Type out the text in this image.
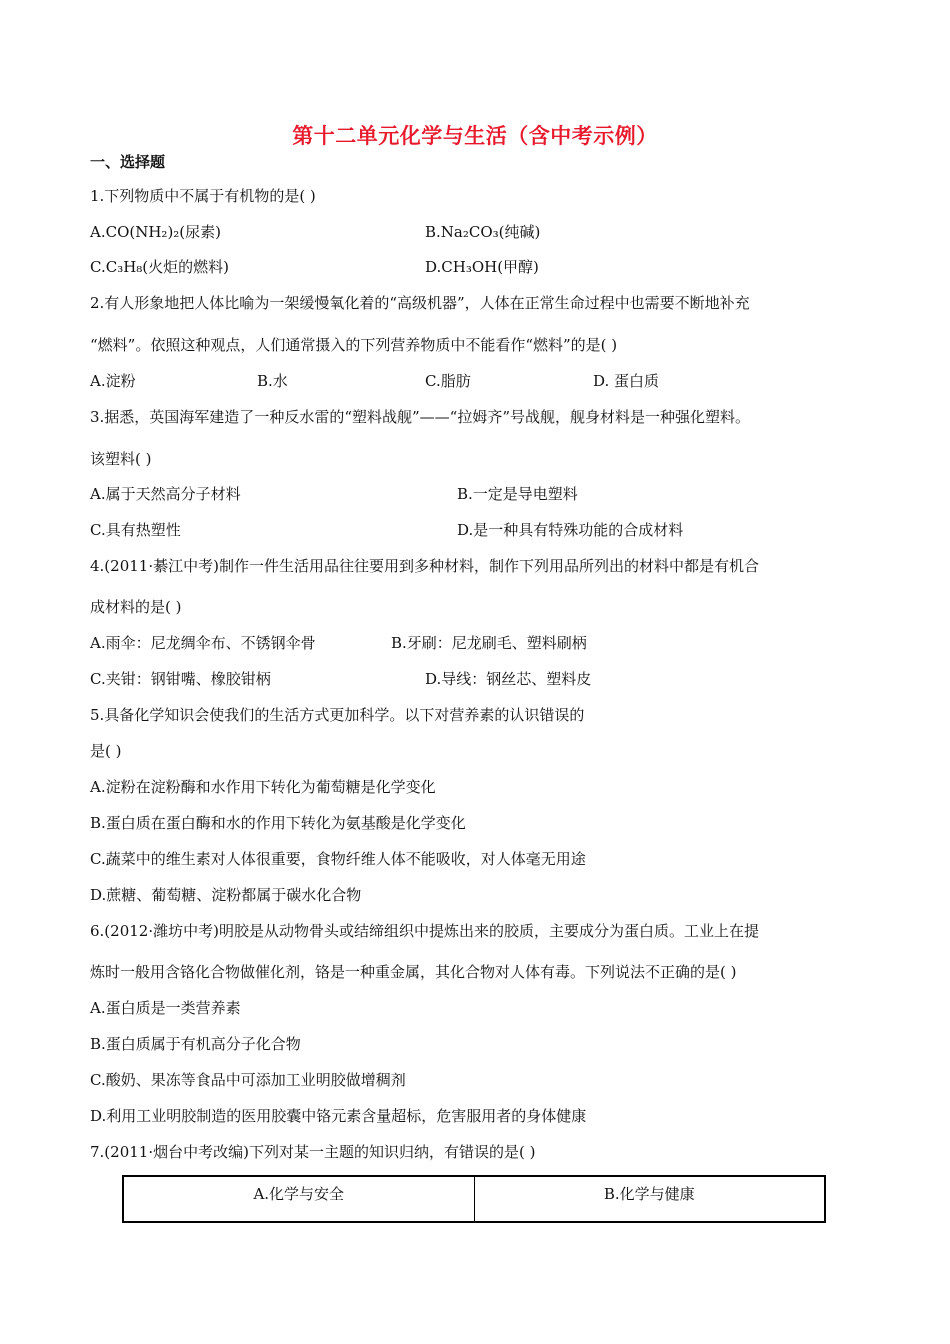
第十二单元化学与生活（含中考示例）
一、选择题
1.下列物质中不属于有机物的是( )
A.CO(NH₂)₂(尿素)	B.Na₂CO₃(纯碱)
C.C₃H₈(火炬的燃料)	D.CH₃OH(甲醇)
2.有人形象地把人体比喻为一架缓慢氧化着的“高级机器”，人体在正常生命过程中也需要不断地补充
“燃料”。依照这种观点，人们通常摄入的下列营养物质中不能看作“燃料”的是( )
A.淀粉	B.水	C.脂肪	D. 蛋白质
3.据悉，英国海军建造了一种反水雷的“塑料战舰”——“拉姆齐”号战舰，舰身材料是一种强化塑料。
该塑料( )
A.属于天然高分子材料	B.一定是导电塑料
C.具有热塑性	D.是一种具有特殊功能的合成材料
4.(2011·綦江中考)制作一件生活用品往往要用到多种材料，制作下列用品所列出的材料中都是有机合
成材料的是( )
A.雨伞：尼龙绸伞布、不锈钢伞骨	B.牙刷：尼龙刷毛、塑料刷柄
C.夹钳：钢钳嘴、橡胶钳柄	D.导线：钢丝芯、塑料皮
5.具备化学知识会使我们的生活方式更加科学。以下对营养素的认识错误的
是( )
A.淀粉在淀粉酶和水作用下转化为葡萄糖是化学变化
B.蛋白质在蛋白酶和水的作用下转化为氨基酸是化学变化
C.蔬菜中的维生素对人体很重要，食物纤维人体不能吸收，对人体毫无用途
D.蔗糖、葡萄糖、淀粉都属于碳水化合物
6.(2012·潍坊中考)明胶是从动物骨头或结缔组织中提炼出来的胶质，主要成分为蛋白质。工业上在提
炼时一般用含铬化合物做催化剂，铬是一种重金属，其化合物对人体有毒。下列说法不正确的是( )
A.蛋白质是一类营养素
B.蛋白质属于有机高分子化合物
C.酸奶、果冻等食品中可添加工业明胶做增稠剂
D.利用工业明胶制造的医用胶囊中铬元素含量超标，危害服用者的身体健康
7.(2011·烟台中考改编)下列对某一主题的知识归纳，有错误的是( )
A.化学与安全	B.化学与健康
